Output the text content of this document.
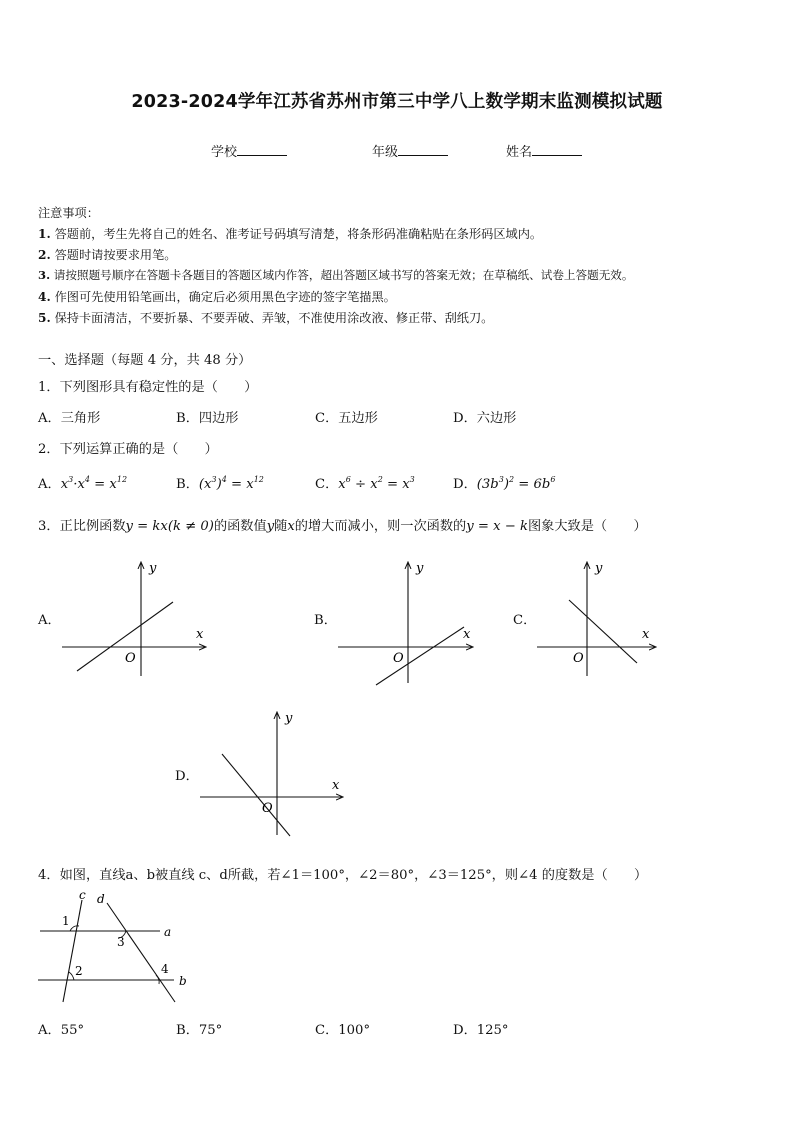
2023-2024学年江苏省苏州市第三中学八上数学期末监测模拟试题
学校	年级	姓名
注意事项：
1. 答题前，考生先将自己的姓名、准考证号码填写清楚，将条形码准确粘贴在条形码区域内。
2. 答题时请按要求用笔。
3. 请按照题号顺序在答题卡各题目的答题区域内作答，超出答题区域书写的答案无效；在草稿纸、试卷上答题无效。
4. 作图可先使用铅笔画出，确定后必须用黑色字迹的签字笔描黑。
5. 保持卡面清洁，不要折暴、不要弄破、弄皱，不准使用涂改液、修正带、刮纸刀。
一、选择题（每题 4 分，共 48 分）
1．下列图形具有稳定性的是（　　）
A．三角形	B．四边形	C．五边形	D．六边形
2．下列运算正确的是（　　）
A．$x^3\cdot x^4 = x^{12}$	B．$(x^3)^4 = x^{12}$	C．$x^6 \div x^2 = x^3$	D．$(3b^3)^2 = 6b^6$
3．正比例函数y = kx(k ≠ 0)的函数值y随x的增大而减小，则一次函数的y = x − k图象大致是（　　）
A．	B．	C．
D．
y
x
O
y
x
O
y
x
O
y
x
O
c d
a
b
1
2
3
4
4．如图，直线a、b被直线 c、d所截，若∠1＝100°，∠2＝80°，∠3＝125°，则∠4 的度数是（　　）
A．55°	B．75°	C．100°	D．125°
